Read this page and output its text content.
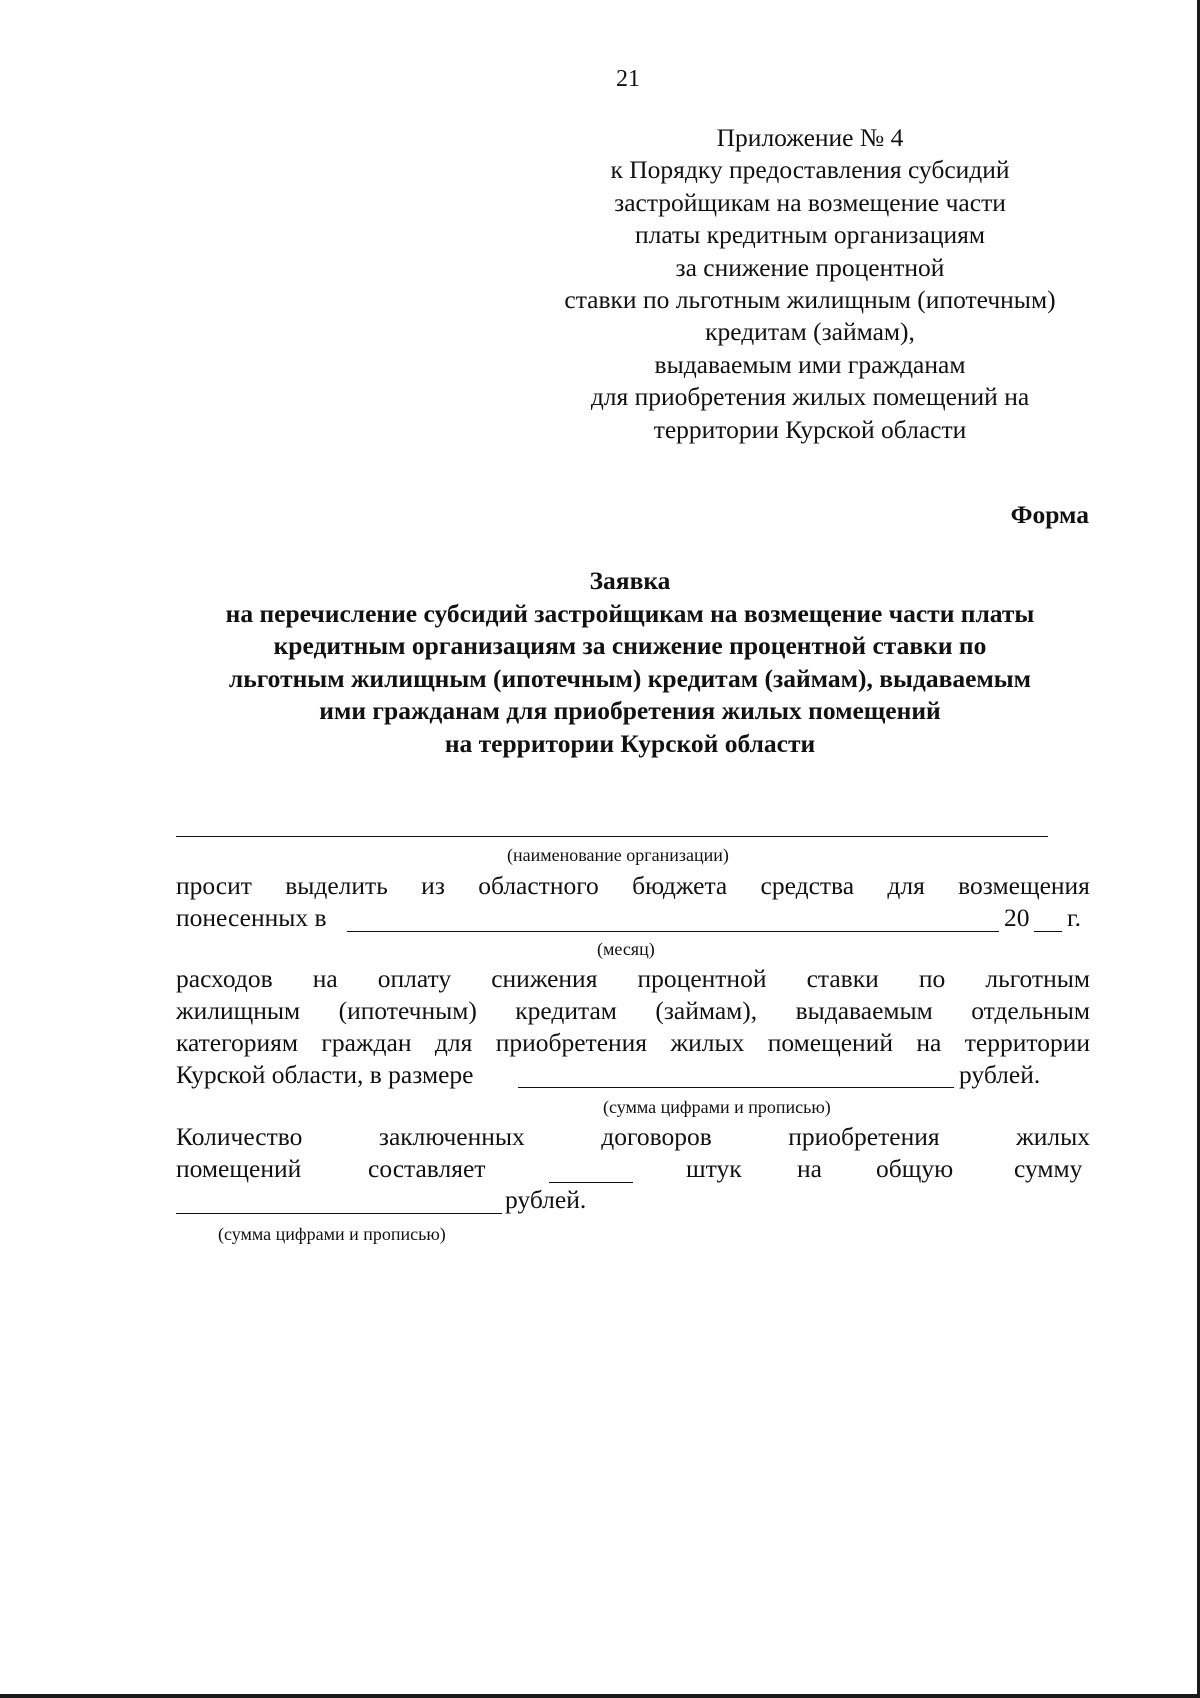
21
Приложение № 4
к Порядку предоставления субсидий
застройщикам на возмещение части
платы кредитным организациям
за снижение процентной
ставки по льготным жилищным (ипотечным)
кредитам (займам),
выдаваемым ими гражданам
для приобретения жилых помещений на
территории Курской области
Форма
Заявка
на перечисление субсидий застройщикам на возмещение части платы
кредитным организациям за снижение процентной ставки по
льготным жилищным (ипотечным) кредитам (займам), выдаваемым
ими гражданам для приобретения жилых помещений
на территории Курской области
(наименование организации)
просит выделить из областного бюджета средства для возмещения
понесенных в	20 г.
(месяц)
расходов на оплату снижения процентной ставки по льготным
жилищным (ипотечным) кредитам (займам), выдаваемым отдельным
категориям граждан для приобретения жилых помещений на территории
Курской области, в размере	рублей.
(сумма цифрами и прописью)
Количество	заключенных	договоров	приобретения	жилых
помещений	составляет	штук на общую сумму
рублей.
(сумма цифрами и прописью)
